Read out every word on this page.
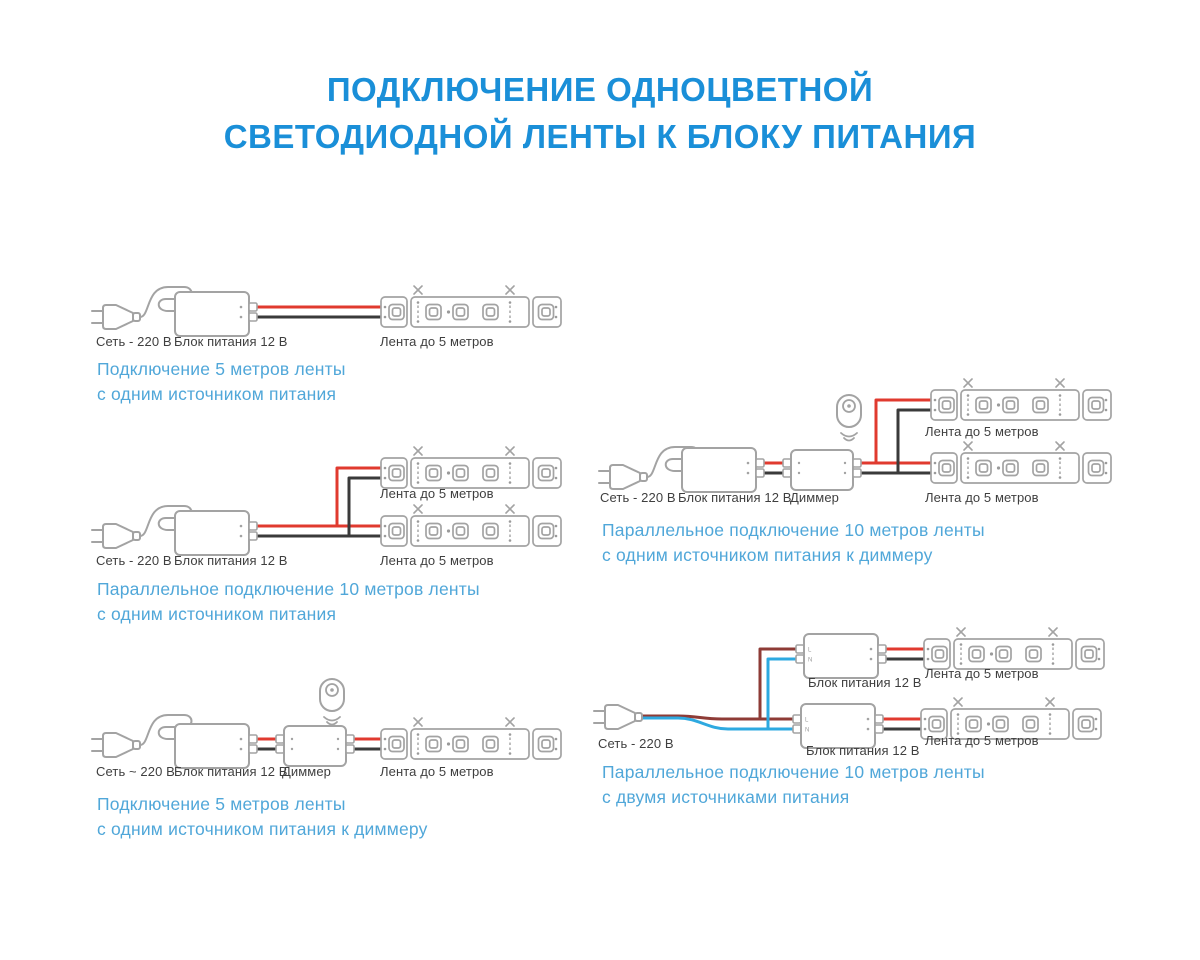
ПОДКЛЮЧЕНИЕ ОДНОЦВЕТНОЙ
СВЕТОДИОДНОЙ ЛЕНТЫ К БЛОКУ ПИТАНИЯ
Сеть - 220 В Блок питания 12 В	Лента до 5 метров
Подключение 5 метров ленты
с одним источником питания
Лента до 5 метров
Сеть - 220 В Блок питания 12 В	Лента до 5 метров
Параллельное подключение 10 метров ленты
с одним источником питания
Сеть ~ 220 В Блок питания 12 В
Диммер	Лента до 5 метров
Подключение 5 метров ленты
с одним источником питания к диммеру
Лента до 5 метров
Лента до 5 метров
Сеть - 220 В Блок питания 12 В
Диммер
Параллельное подключение 10 метров ленты
с одним источником питания к диммеру
Лента до 5 метров
Блок питания 12 В
Сеть - 220 В	Лента до 5 метров
Блок питания 12 В
Параллельное подключение 10 метров ленты
с двумя источниками питания
